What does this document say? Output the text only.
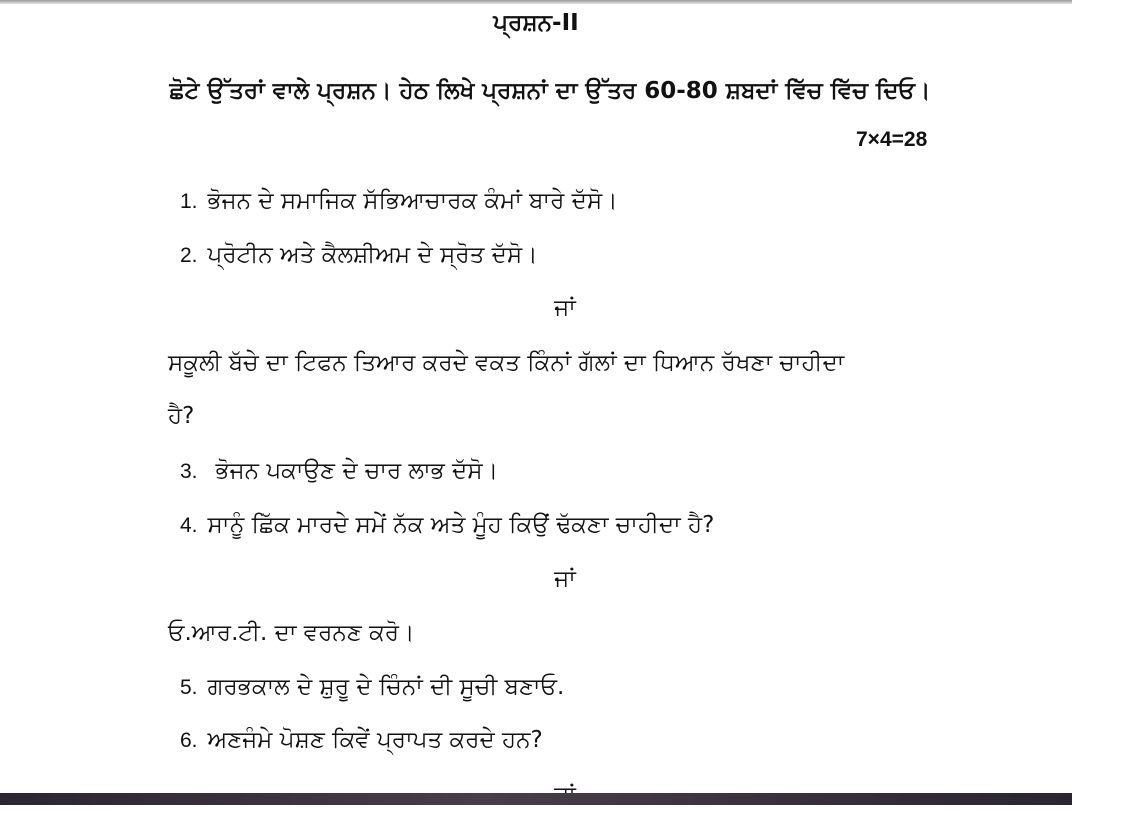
ਪ੍ਰਸ਼ਨ-II
ਛੋਟੇ ਉੱਤਰਾਂ ਵਾਲੇ ਪ੍ਰਸ਼ਨ। ਹੇਠ ਲਿਖੇ ਪ੍ਰਸ਼ਨਾਂ ਦਾ ਉੱਤਰ 60-80 ਸ਼ਬਦਾਂ ਵਿੱਚ ਵਿੱਚ ਦਿਓ।
7×4=28
1. ਭੋਜਨ ਦੇ ਸਮਾਜਿਕ ਸੱਭਿਆਚਾਰਕ ਕੰਮਾਂ ਬਾਰੇ ਦੱਸੋ।
2. ਪ੍ਰੋਟੀਨ ਅਤੇ ਕੈਲਸ਼ੀਅਮ ਦੇ ਸ੍ਰੋਤ ਦੱਸੋ।
ਜਾਂ
ਸਕੂਲੀ ਬੱਚੇ ਦਾ ਟਿਫਨ ਤਿਆਰ ਕਰਦੇ ਵਕਤ ਕਿੰਨਾਂ ਗੱਲਾਂ ਦਾ ਧਿਆਨ ਰੱਖਣਾ ਚਾਹੀਦਾ
ਹੈ?
3. ਭੋਜਨ ਪਕਾਉਣ ਦੇ ਚਾਰ ਲਾਭ ਦੱਸੋ।
4. ਸਾਨੂੰ ਛਿੱਕ ਮਾਰਦੇ ਸਮੇਂ ਨੱਕ ਅਤੇ ਮੂੰਹ ਕਿਉਂ ਢੱਕਣਾ ਚਾਹੀਦਾ ਹੈ?
ਜਾਂ
ਓ.ਆਰ.ਟੀ. ਦਾ ਵਰਨਣ ਕਰੋ।
5. ਗਰਭਕਾਲ ਦੇ ਸ਼ੁਰੂ ਦੇ ਚਿੰਨਾਂ ਦੀ ਸੂਚੀ ਬਣਾਓ.
6. ਅਣਜੰਮੇ ਪੋਸ਼ਣ ਕਿਵੇਂ ਪ੍ਰਾਪਤ ਕਰਦੇ ਹਨ?
